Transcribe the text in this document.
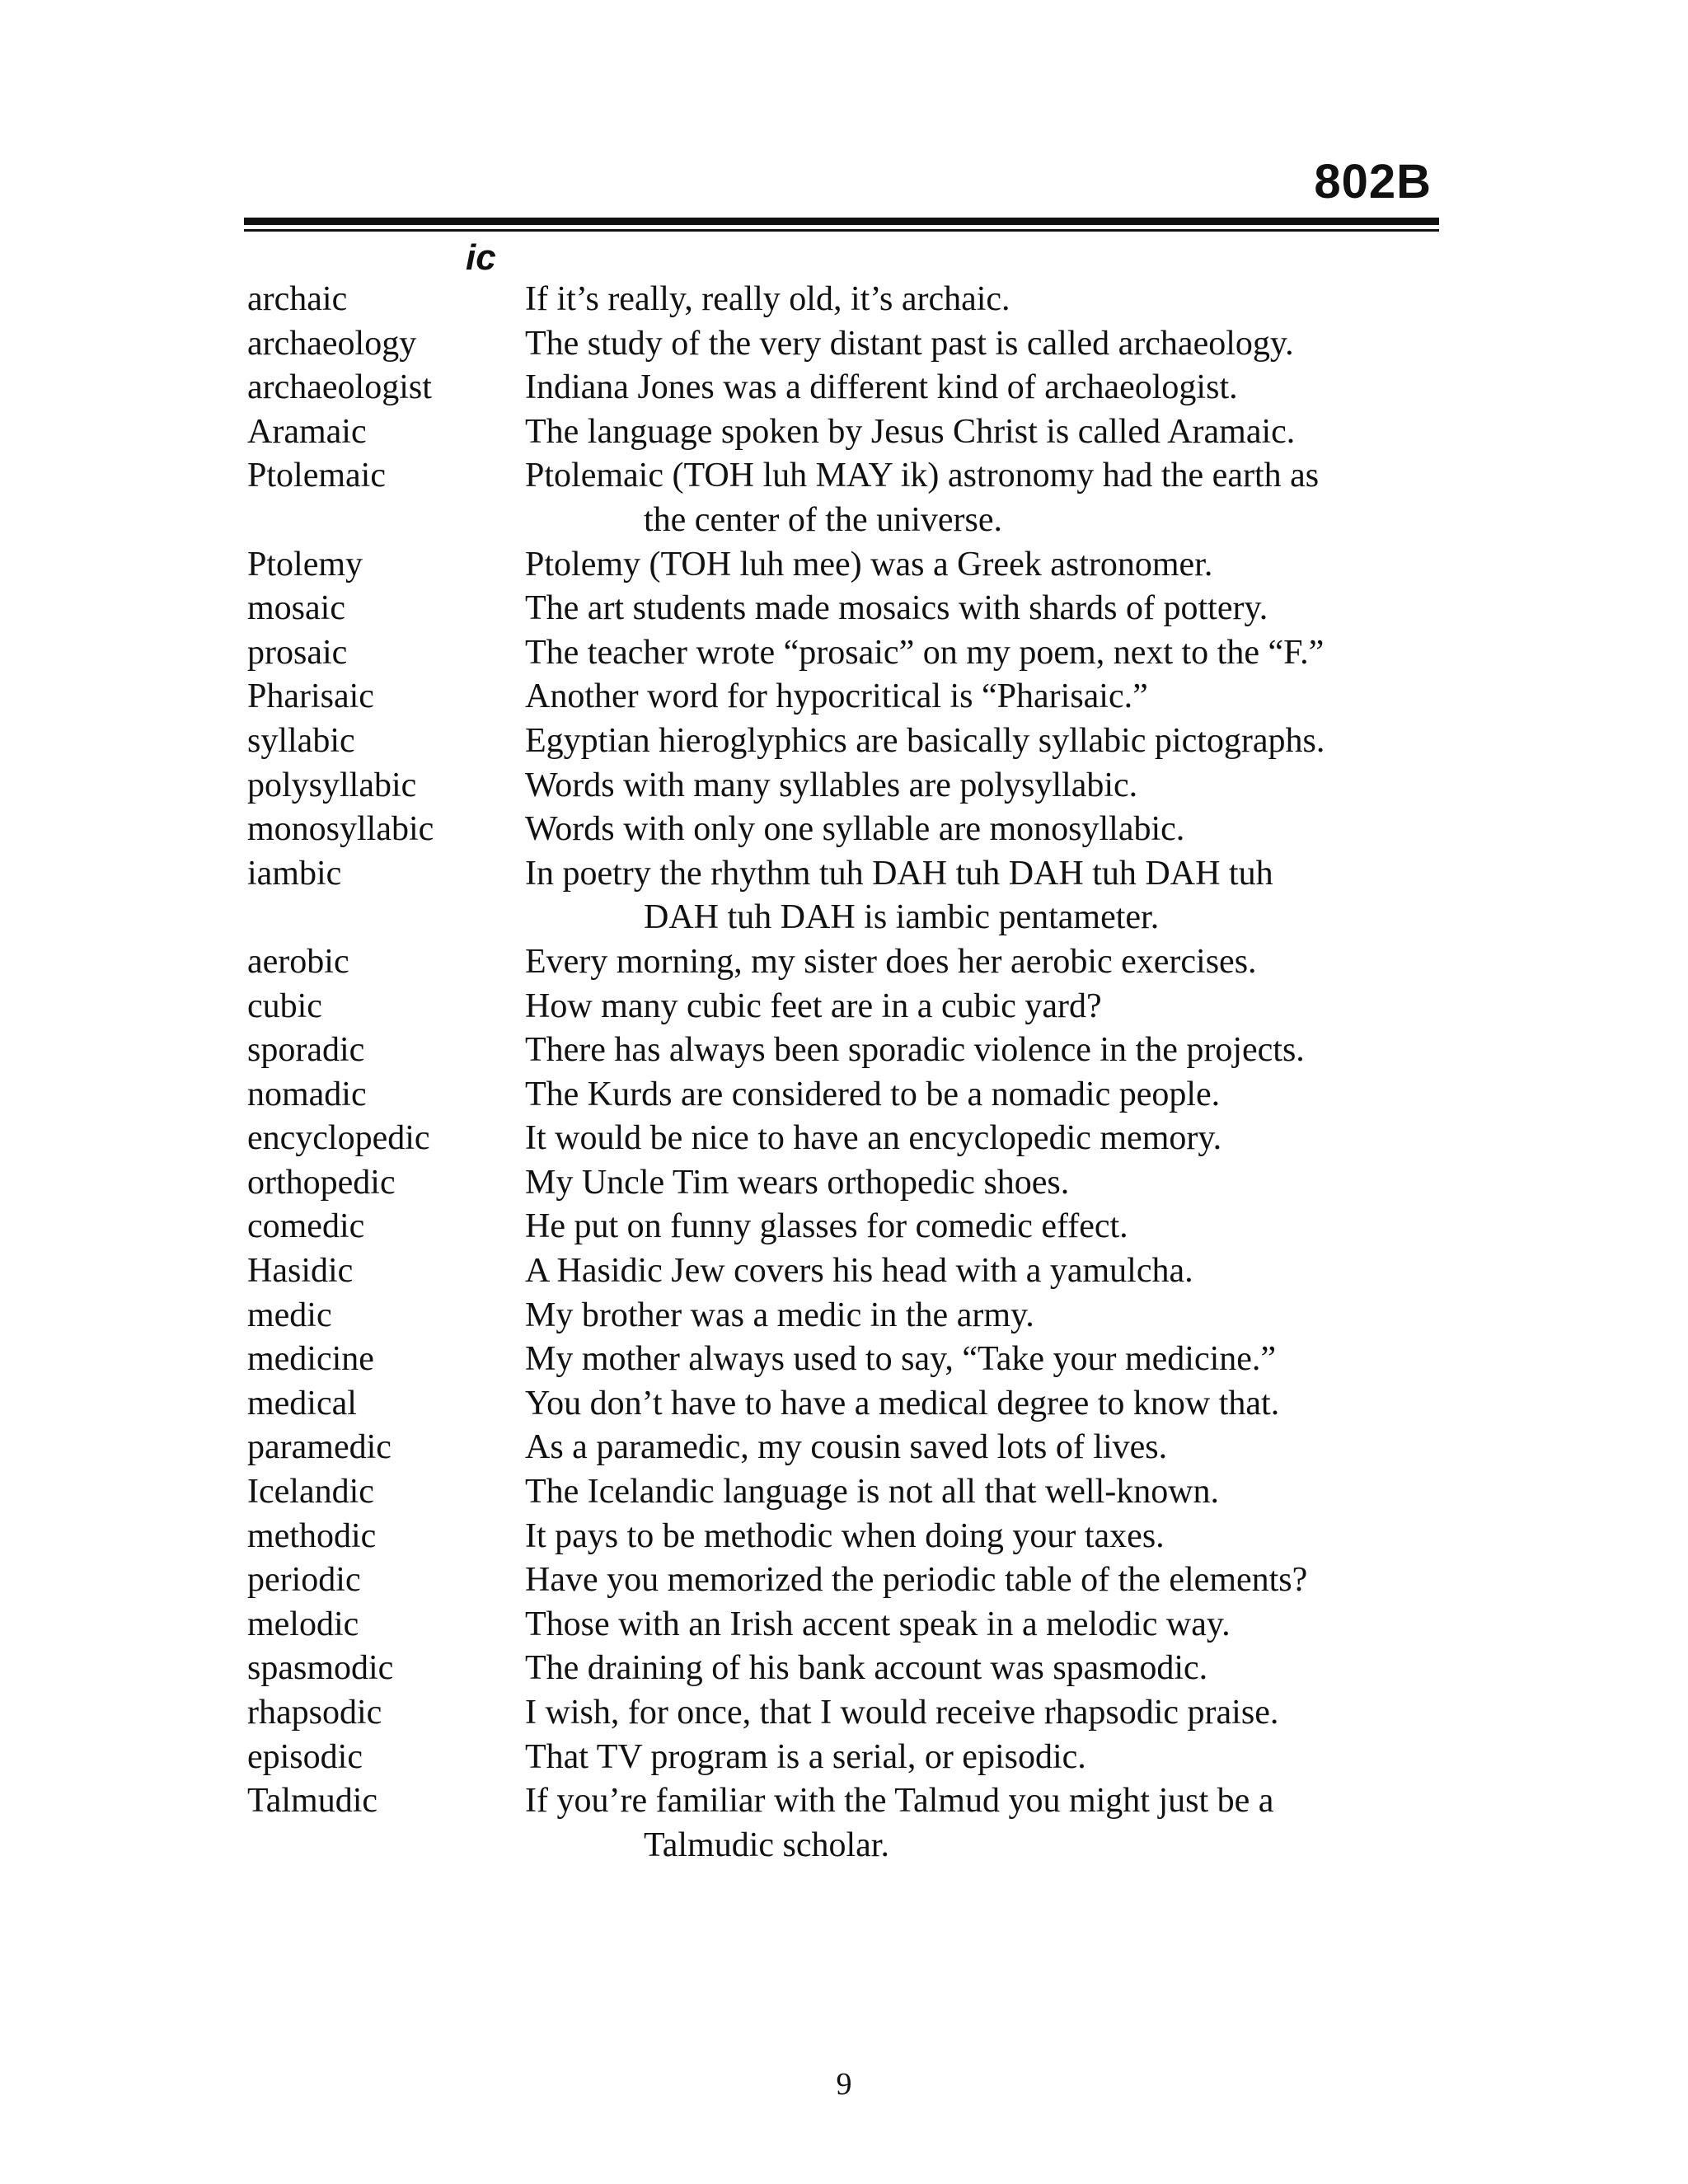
802B
ic
archaic	If it’s really, really old, it’s archaic.
archaeology	The study of the very distant past is called archaeology.
archaeologist	Indiana Jones was a different kind of archaeologist.
Aramaic	The language spoken by Jesus Christ is called Aramaic.
Ptolemaic	Ptolemaic (TOH luh MAY ik) astronomy had the earth as
the center of the universe.
Ptolemy	Ptolemy (TOH luh mee) was a Greek astronomer.
mosaic	The art students made mosaics with shards of pottery.
prosaic	The teacher wrote “prosaic” on my poem, next to the “F.”
Pharisaic	Another word for hypocritical is “Pharisaic.”
syllabic	Egyptian hieroglyphics are basically syllabic pictographs.
polysyllabic	Words with many syllables are polysyllabic.
monosyllabic	Words with only one syllable are monosyllabic.
iambic	In poetry the rhythm tuh DAH tuh DAH tuh DAH tuh
DAH tuh DAH is iambic pentameter.
aerobic	Every morning, my sister does her aerobic exercises.
cubic	How many cubic feet are in a cubic yard?
sporadic	There has always been sporadic violence in the projects.
nomadic	The Kurds are considered to be a nomadic people.
encyclopedic	It would be nice to have an encyclopedic memory.
orthopedic	My Uncle Tim wears orthopedic shoes.
comedic	He put on funny glasses for comedic effect.
Hasidic	A Hasidic Jew covers his head with a yamulcha.
medic	My brother was a medic in the army.
medicine	My mother always used to say, “Take your medicine.”
medical	You don’t have to have a medical degree to know that.
paramedic	As a paramedic, my cousin saved lots of lives.
Icelandic	The Icelandic language is not all that well-known.
methodic	It pays to be methodic when doing your taxes.
periodic	Have you memorized the periodic table of the elements?
melodic	Those with an Irish accent speak in a melodic way.
spasmodic	The draining of his bank account was spasmodic.
rhapsodic	I wish, for once, that I would receive rhapsodic praise.
episodic	That TV program is a serial, or episodic.
Talmudic	If you’re familiar with the Talmud you might just be a
Talmudic scholar.
9
